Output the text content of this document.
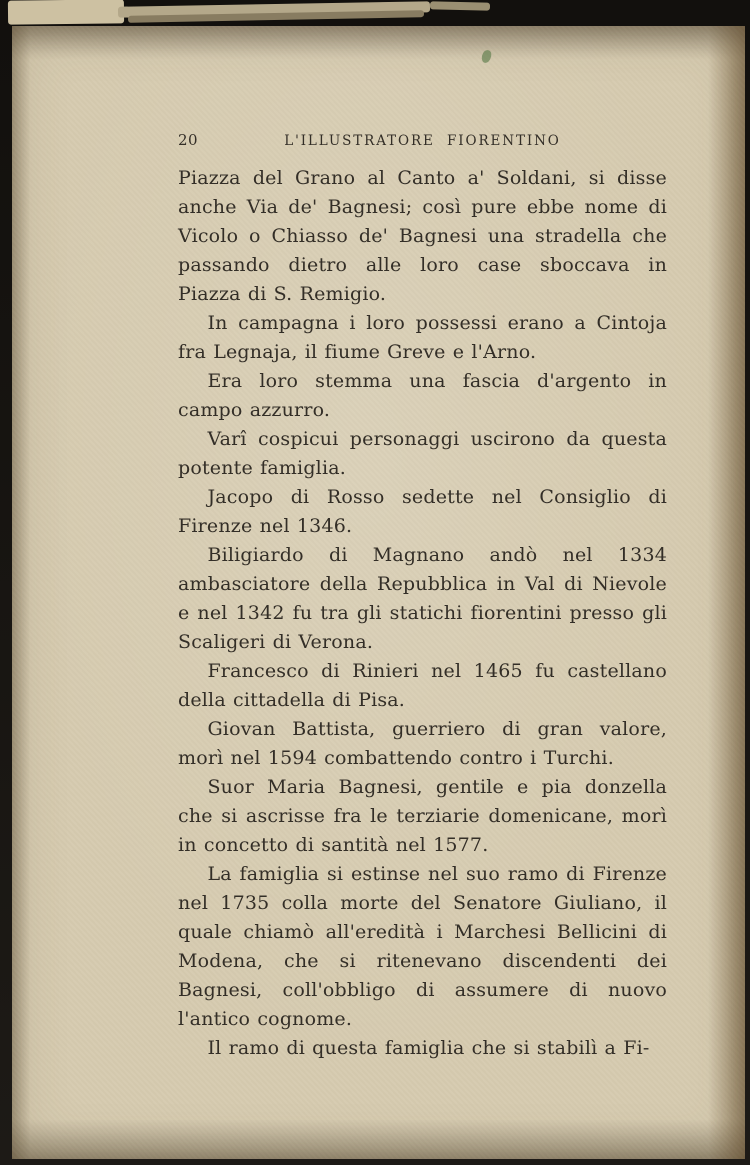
20	L'ILLUSTRATORE FIORENTINO

Piazza del Grano al Canto a' Soldani, si disse anche Via de' Bagnesi; così pure ebbe nome di Vicolo o Chiasso de' Bagnesi una stradella che passando dietro alle loro case sboccava in Piazza di S. Remigio.

In campagna i loro possessi erano a Cintoja fra Legnaja, il fiume Greve e l'Arno.

Era loro stemma una fascia d'argento in campo azzurro.

Varî cospicui personaggi uscirono da questa potente famiglia.

Jacopo di Rosso sedette nel Consiglio di Firenze nel 1346.

Biligiardo di Magnano andò nel 1334 ambasciatore della Repubblica in Val di Nievole e nel 1342 fu tra gli statichi fiorentini presso gli Scaligeri di Verona.

Francesco di Rinieri nel 1465 fu castellano della cittadella di Pisa.

Giovan Battista, guerriero di gran valore, morì nel 1594 combattendo contro i Turchi.

Suor Maria Bagnesi, gentile e pia donzella che si ascrisse fra le terziarie domenicane, morì in concetto di santità nel 1577.

La famiglia si estinse nel suo ramo di Firenze nel 1735 colla morte del Senatore Giuliano, il quale chiamò all'eredità i Marchesi Bellicini di Modena, che si ritenevano discendenti dei Bagnesi, coll'obbligo di assumere di nuovo l'antico cognome.

Il ramo di questa famiglia che si stabilì a Fi-
